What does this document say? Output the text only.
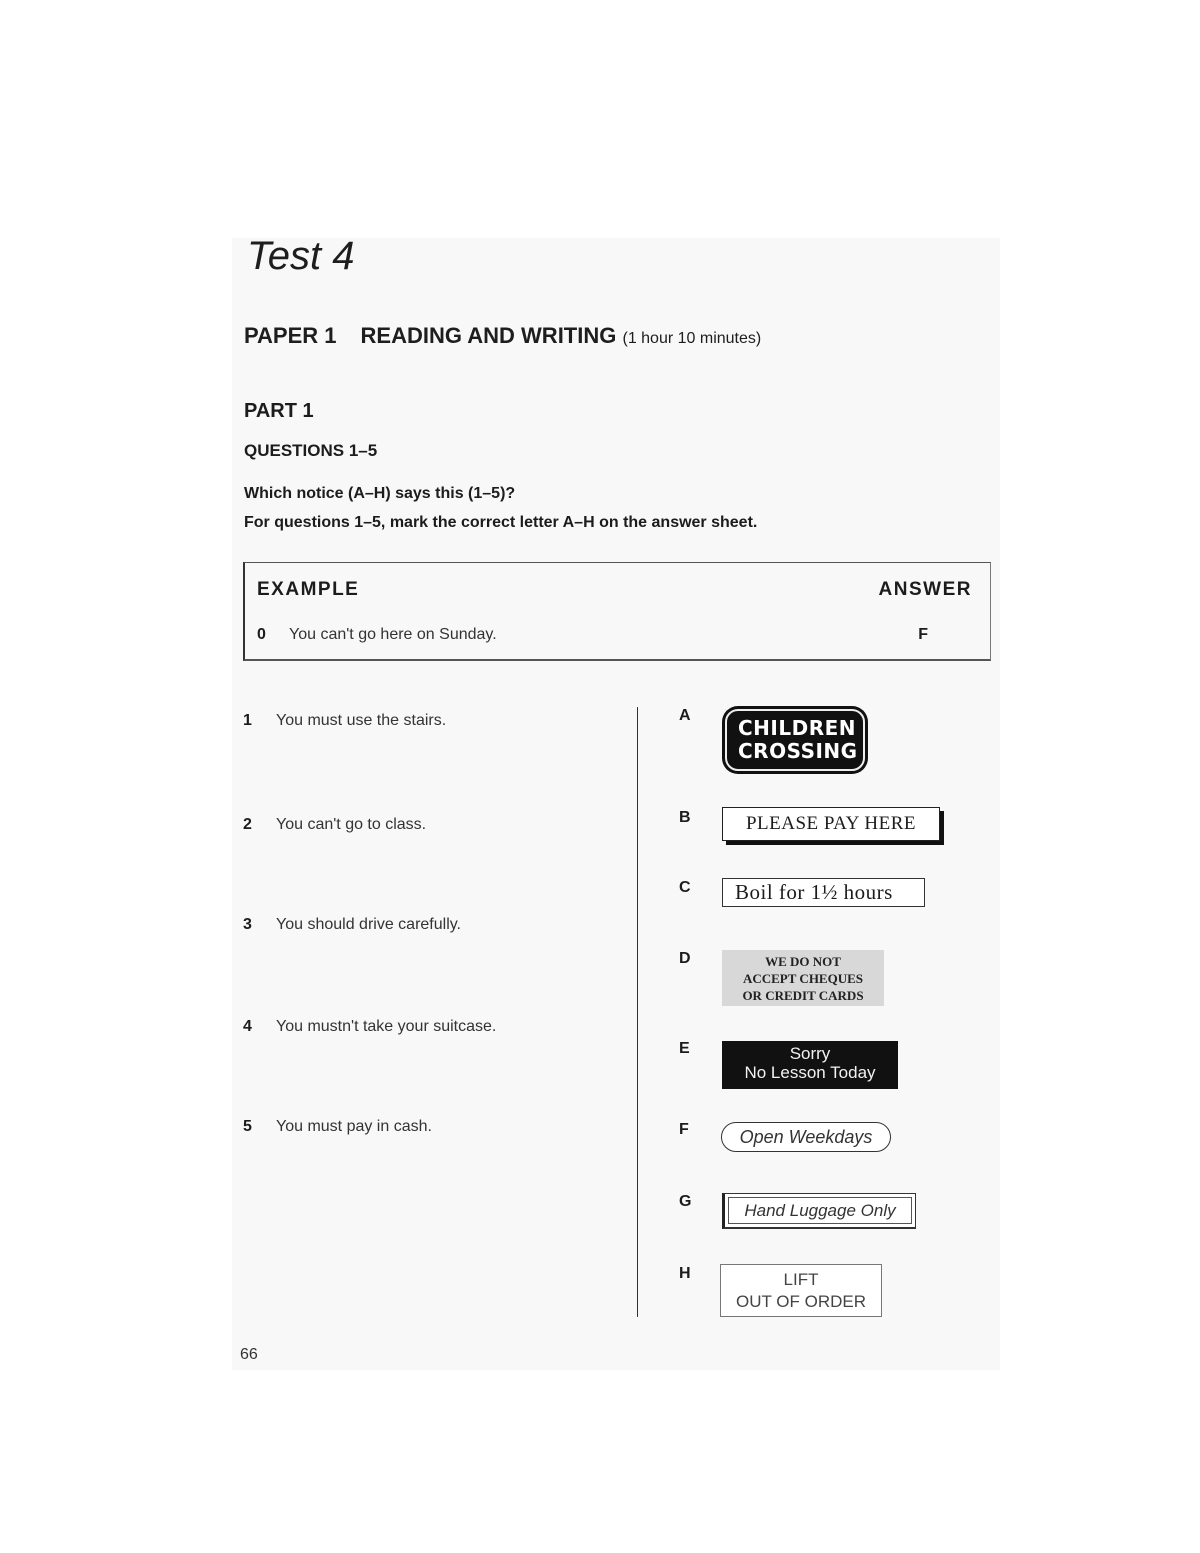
Test 4
PAPER 1 READING AND WRITING (1 hour 10 minutes)
PART 1
QUESTIONS 1–5
Which notice (A–H) says this (1–5)?
For questions 1–5, mark the correct letter A–H on the answer sheet.
EXAMPLE	ANSWER
0 You can't go here on Sunday.	F
1 You must use the stairs.
2 You can't go to class.
3 You should drive carefully.
4 You mustn't take your suitcase.
5 You must pay in cash.
A
B
C
D
E
F
G
H
CHILDREN
CROSSING
PLEASE PAY HERE
Boil for 1½ hours
WE DO NOT
ACCEPT CHEQUES
OR CREDIT CARDS
Sorry
No Lesson Today
Open Weekdays
Hand Luggage Only
LIFT
OUT OF ORDER
66
